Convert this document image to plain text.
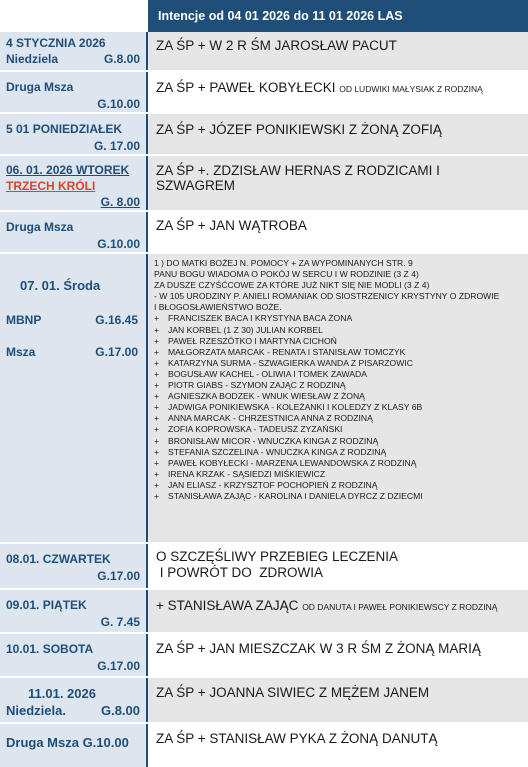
Intencje od 04 01 2026 do 11 01 2026 LAS
4 STYCZNIA 2026
Niedziela	G.8.00
ZA ŚP + W 2 R ŚM JAROSŁAW PACUT
Druga Msza
G.10.00
ZA ŚP + PAWEŁ KOBYŁECKI OD LUDWIKI MAŁYSIAK Z RODZINĄ
5 01 PONIEDZIAŁEK
G. 17.00
ZA ŚP + JÓZEF PONIKIEWSKI Z ŻONĄ ZOFIĄ
06. 01. 2026 WTOREK
TRZECH KRÓLI
G. 8.00
ZA ŚP +. ZDZISŁAW HERNAS Z RODZICAMI I SZWAGREM
Druga Msza
G.10.00
ZA ŚP + JAN WĄTROBA
07. 01. Środa
MBNP	G.16.45
Msza	G.17.00
1 ) DO MATKI BOŻEJ N. POMOCY + ZA WYPOMINANYCH STR. 9
PANU BOGU WIADOMA O POKÓJ W SERCU I W RODZINIE (3 Z 4)
ZA DUSZE CZYŚĆCOWE ZA KTÓRE JUŻ NIKT SIĘ NIE MODLI (3 Z 4)
- W 105 URODZINY P. ANIELI ROMANIAK OD SIOSTRZENICY KRYSTYNY O ZDROWIE
I BŁOGOSŁAWIEŃSTWO BOŻE.
+	FRANCISZEK BACA I KRYSTYNA BACA ŻONA
+	JAN KORBEL (1 Z 30) JULIAN KORBEL
+	PAWEŁ RZESZÓTKO I MARTYNA CICHOŃ
+	MAŁGORZATA MARCAK - RENATA I STANISŁAW TOMCZYK
+	KATARZYNA SURMA - SZWAGIERKA WANDA Z PISARZOWIC
+	BOGUSŁAW KACHEL - OLIWIA I TOMEK ZAWADA
+	PIOTR GIABS - SZYMON ZAJĄC Z RODZINĄ
+	AGNIESZKA BODZEK - WNUK WIESŁAW Z ŻONĄ
+	JADWIGA PONIKIEWSKA - KOLEŻANKI I KOLEDZY Z KLASY 6B
+	ANNA MARCAK - CHRZESTNICA ANNA Z RODZINĄ
+	ZOFIA KOPROWSKA - TADEUSZ ZYZAŃSKI
+	BRONISŁAW MICOR - WNUCZKA KINGA Z RODZINĄ
+	STEFANIA SZCZELINA - WNUCZKA KINGA Z RODZINĄ
+	PAWEŁ KOBYŁECKI - MARZENA LEWANDOWSKA Z RODZINĄ
+	IRENA KRZAK - SĄSIEDZI MIŚKIEWICZ
+	JAN ELIASZ - KRZYSZTOF POCHOPIEŃ Z RODZINĄ
+	STANISŁAWA ZAJĄC - KAROLINA I DANIELA DYRCZ Z DZIECMI
08.01. CZWARTEK
G.17.00
O SZCZĘŚLIWY PRZEBIEG LECZENIA
I POWRÓT DO  ZDROWIA
09.01. PIĄTEK
G. 7.45
+ STANISŁAWA ZAJĄC OD DANUTA I PAWEŁ PONIKIEWSCY Z RODZINĄ
10.01. SOBOTA
G.17.00
ZA ŚP + JAN MIESZCZAK W 3 R ŚM Z ŻONĄ MARIĄ
11.01. 2026
Niedziela.	G.8.00
ZA ŚP + JOANNA SIWIEC Z MĘŻEM JANEM
Druga Msza G.10.00	ZA ŚP + STANISŁAW PYKA Z ŻONĄ DANUTĄ
